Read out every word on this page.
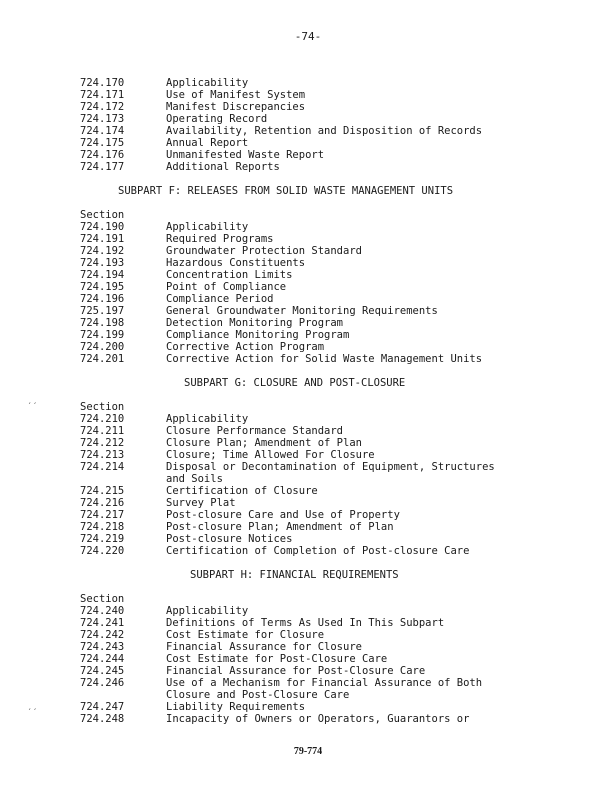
-74-
′′
′′
724.170	Applicability
724.171	Use of Manifest System
724.172	Manifest Discrepancies
724.173	Operating Record
724.174	Availability, Retention and Disposition of Records
724.175	Annual Report
724.176	Unmanifested Waste Report
724.177	Additional Reports
SUBPART F: RELEASES FROM SOLID WASTE MANAGEMENT UNITS
Section
724.190	Applicability
724.191	Required Programs
724.192	Groundwater Protection Standard
724.193	Hazardous Constituents
724.194	Concentration Limits
724.195	Point of Compliance
724.196	Compliance Period
725.197	General Groundwater Monitoring Requirements
724.198	Detection Monitoring Program
724.199	Compliance Monitoring Program
724.200	Corrective Action Program
724.201	Corrective Action for Solid Waste Management Units
SUBPART G: CLOSURE AND POST-CLOSURE
Section
724.210	Applicability
724.211	Closure Performance Standard
724.212	Closure Plan; Amendment of Plan
724.213	Closure; Time Allowed For Closure
724.214	Disposal or Decontamination of Equipment, Structures
and Soils
724.215	Certification of Closure
724.216	Survey Plat
724.217	Post-closure Care and Use of Property
724.218	Post-closure Plan; Amendment of Plan
724.219	Post-closure Notices
724.220	Certification of Completion of Post-closure Care
SUBPART H: FINANCIAL REQUIREMENTS
Section
724.240	Applicability
724.241	Definitions of Terms As Used In This Subpart
724.242	Cost Estimate for Closure
724.243	Financial Assurance for Closure
724.244	Cost Estimate for Post-Closure Care
724.245	Financial Assurance for Post-Closure Care
724.246	Use of a Mechanism for Financial Assurance of Both
Closure and Post-Closure Care
724.247	Liability Requirements
724.248	Incapacity of Owners or Operators, Guarantors or
79-774
